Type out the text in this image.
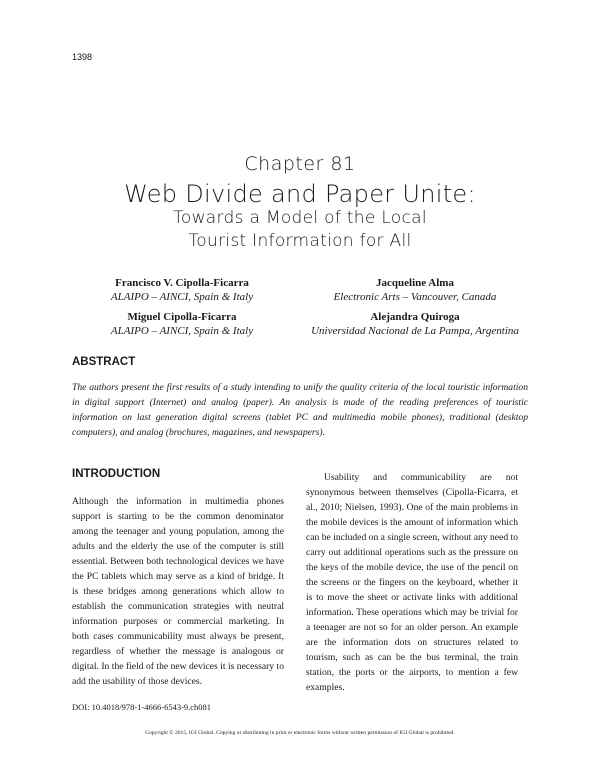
1398
Chapter 81
Web Divide and Paper Unite:
Towards a Model of the Local
Tourist Information for All
Francisco V. Cipolla-Ficarra
ALAIPO – AINCI, Spain & Italy
Jacqueline Alma
Electronic Arts – Vancouver, Canada
Miguel Cipolla-Ficarra
ALAIPO – AINCI, Spain & Italy
Alejandra Quiroga
Universidad Nacional de La Pampa, Argentina
ABSTRACT
The authors present the first results of a study intending to unify the quality criteria of the local touristic information in digital support (Internet) and analog (paper). An analysis is made of the reading preferences of touristic information on last generation digital screens (tablet PC and multimedia mobile phones), traditional (desktop computers), and analog (brochures, magazines, and newspapers).
INTRODUCTION

Although the information in multimedia phones support is starting to be the common denominator among the teenager and young population, among the adults and the elderly the use of the computer is still essential. Between both technological devices we have the PC tablets which may serve as a kind of bridge. It is these bridges among generations which allow to establish the communication strategies with neutral information purposes or commercial marketing. In both cases communicability must always be present, regardless of whether the message is analogous or digital. In the field of the new devices it is necessary to add the usability of those devices.

Usability and communicability are not synonymous between themselves (Cipolla-Ficarra, et al., 2010; Nielsen, 1993). One of the main problems in the mobile devices is the amount of information which can be included on a single screen, without any need to carry out additional operations such as the pressure on the keys of the mobile device, the use of the pencil on the screens or the fingers on the keyboard, whether it is to move the sheet or activate links with additional information. These operations which may be trivial for a teenager are not so for an older person. An example are the information dots on structures related to tourism, such as can be the bus terminal, the train station, the ports or the airports, to mention a few examples.

DOI: 10.4018/978-1-4666-6543-9.ch081
Copyright © 2015, IGI Global. Copying or distributing in print or electronic forms without written permission of IGI Global is prohibited.
